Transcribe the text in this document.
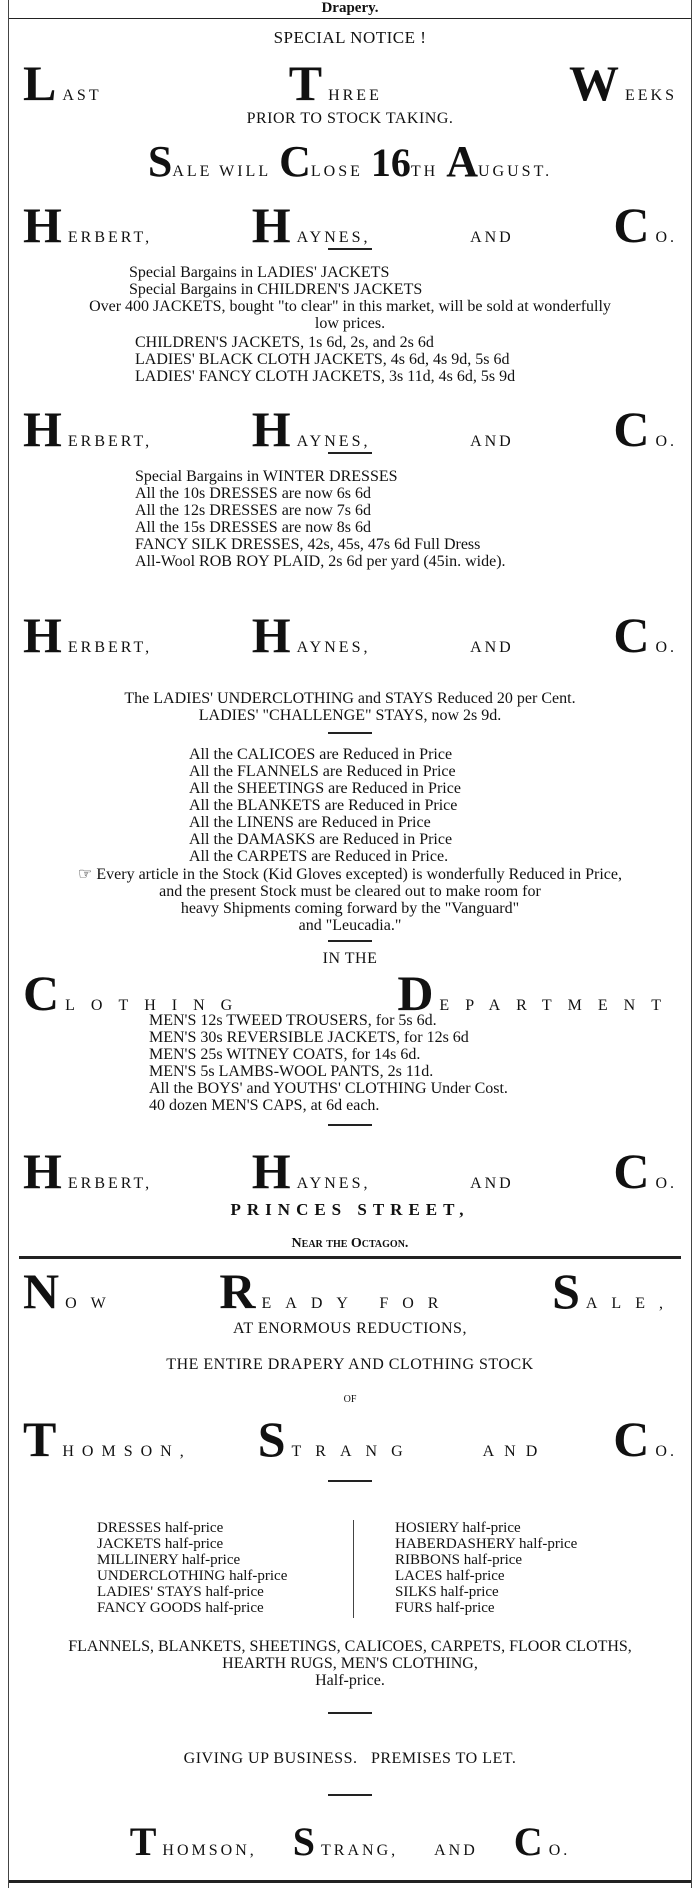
Drapery.
SPECIAL NOTICE !
L AST	T HREE	W EEKS
PRIOR TO STOCK TAKING.
S ALE WILL C LOSE 16 TH A UGUST.
H ERBERT, H AYNES,	AND C O.
Special Bargains in LADIES' JACKETS
Special Bargains in CHILDREN'S JACKETS
Over 400 JACKETS, bought "to clear" in this market, will be sold at wonderfully
low prices.
CHILDREN'S JACKETS, 1s 6d, 2s, and 2s 6d
LADIES' BLACK CLOTH JACKETS, 4s 6d, 4s 9d, 5s 6d
LADIES' FANCY CLOTH JACKETS, 3s 11d, 4s 6d, 5s 9d
H ERBERT, H AYNES,	AND C O.
Special Bargains in WINTER DRESSES
All the 10s DRESSES are now 6s 6d
All the 12s DRESSES are now 7s 6d
All the 15s DRESSES are now 8s 6d
FANCY SILK DRESSES, 42s, 45s, 47s 6d Full Dress
All-Wool ROB ROY PLAID, 2s 6d per yard (45in. wide).
H ERBERT, H AYNES,	AND C O.
The LADIES' UNDERCLOTHING and STAYS Reduced 20 per Cent.
LADIES' "CHALLENGE" STAYS, now 2s 9d.
All the CALICOES are Reduced in Price
All the FLANNELS are Reduced in Price
All the SHEETINGS are Reduced in Price
All the BLANKETS are Reduced in Price
All the LINENS are Reduced in Price
All the DAMASKS are Reduced in Price
All the CARPETS are Reduced in Price.
☞ Every article in the Stock (Kid Gloves excepted) is wonderfully Reduced in Price,
and the present Stock must be cleared out to make room for
heavy Shipments coming forward by the "Vanguard"
and "Leucadia."
IN THE
C LOTHING	D EPARTMENT
MEN'S 12s TWEED TROUSERS, for 5s 6d.
MEN'S 30s REVERSIBLE JACKETS, for 12s 6d
MEN'S 25s WITNEY COATS, for 14s 6d.
MEN'S 5s LAMBS-WOOL PANTS, 2s 11d.
All the BOYS' and YOUTHS' CLOTHING Under Cost.
40 dozen MEN'S CAPS, at 6d each.
H ERBERT, H AYNES,	AND C O.
PRINCES STREET,
Near the Octagon.
N OW R EADY FOR S ALE,
AT ENORMOUS REDUCTIONS,
THE ENTIRE DRAPERY AND CLOTHING STOCK
OF
T HOMSON, S TRANG	AND C O.
DRESSES half-price
JACKETS half-price
MILLINERY half-price
UNDERCLOTHING half-price
LADIES' STAYS half-price
FANCY GOODS half-price
HOSIERY half-price
HABERDASHERY half-price
RIBBONS half-price
LACES half-price
SILKS half-price
FURS half-price
FLANNELS, BLANKETS, SHEETINGS, CALICOES, CARPETS, FLOOR CLOTHS,
HEARTH RUGS, MEN'S CLOTHING,
Half-price.
GIVING UP BUSINESS.   PREMISES TO LET.
T HOMSON, S TRANG, AND C O.
